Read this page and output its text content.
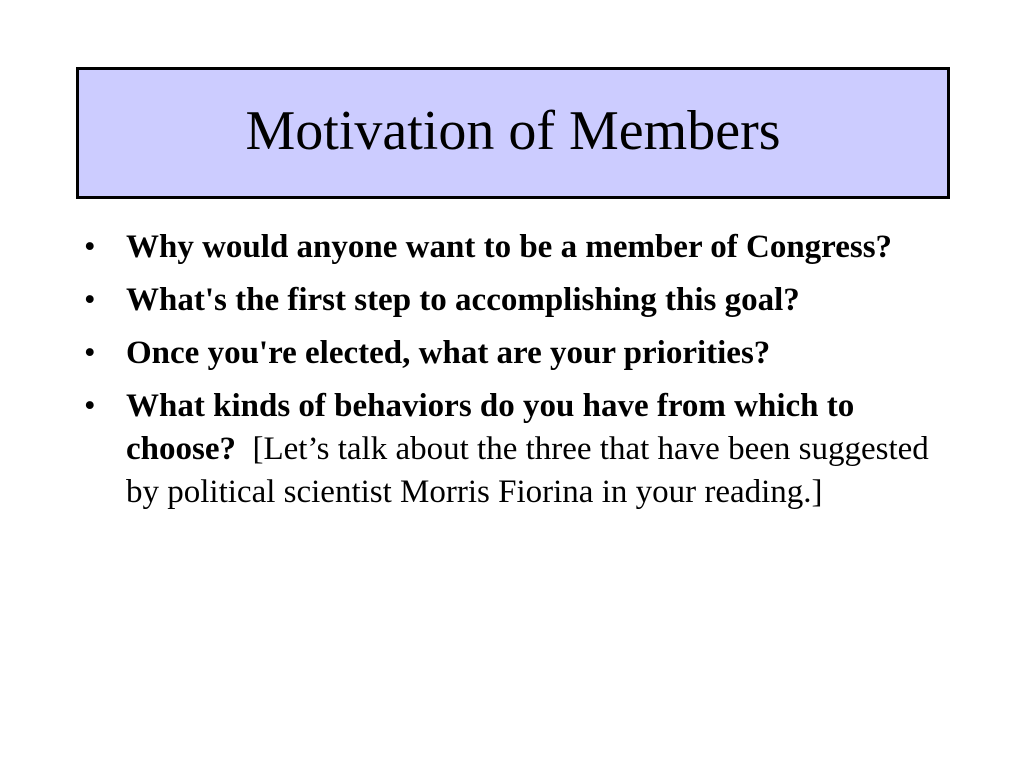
Motivation of Members
• Why would anyone want to be a member of Congress?
• What's the first step to accomplishing this goal?
• Once you're elected, what are your priorities?
• What kinds of behaviors do you have from which to choose? [Let’s talk about the three that have been suggested by political scientist Morris Fiorina in your reading.]
